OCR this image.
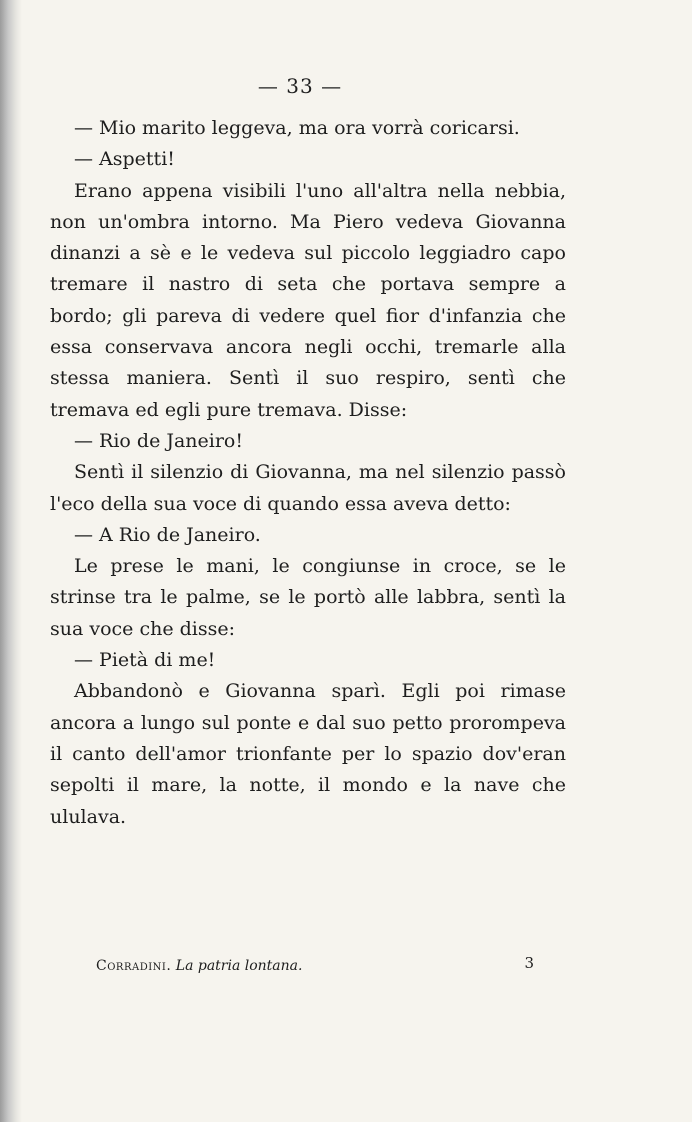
— 33 —

— Mio marito leggeva, ma ora vorrà coricarsi.

— Aspetti!

Erano appena visibili l'uno all'altra nella nebbia, non un'ombra intorno. Ma Piero vedeva Giovanna dinanzi a sè e le vedeva sul piccolo leggiadro capo tremare il nastro di seta che portava sempre a bordo; gli pareva di vedere quel fior d'infanzia che essa conservava ancora negli occhi, tremarle alla stessa maniera. Sentì il suo respiro, sentì che tremava ed egli pure tremava. Disse:

— Rio de Janeiro!

Sentì il silenzio di Giovanna, ma nel silenzio passò l'eco della sua voce di quando essa aveva detto:

— A Rio de Janeiro.

Le prese le mani, le congiunse in croce, se le strinse tra le palme, se le portò alle labbra, sentì la sua voce che disse:

— Pietà di me!

Abbandonò e Giovanna sparì. Egli poi rimase ancora a lungo sul ponte e dal suo petto prorompeva il canto dell'amor trionfante per lo spazio dov'eran sepolti il mare, la notte, il mondo e la nave che ululava.

Corradini. La patria lontana.	3
